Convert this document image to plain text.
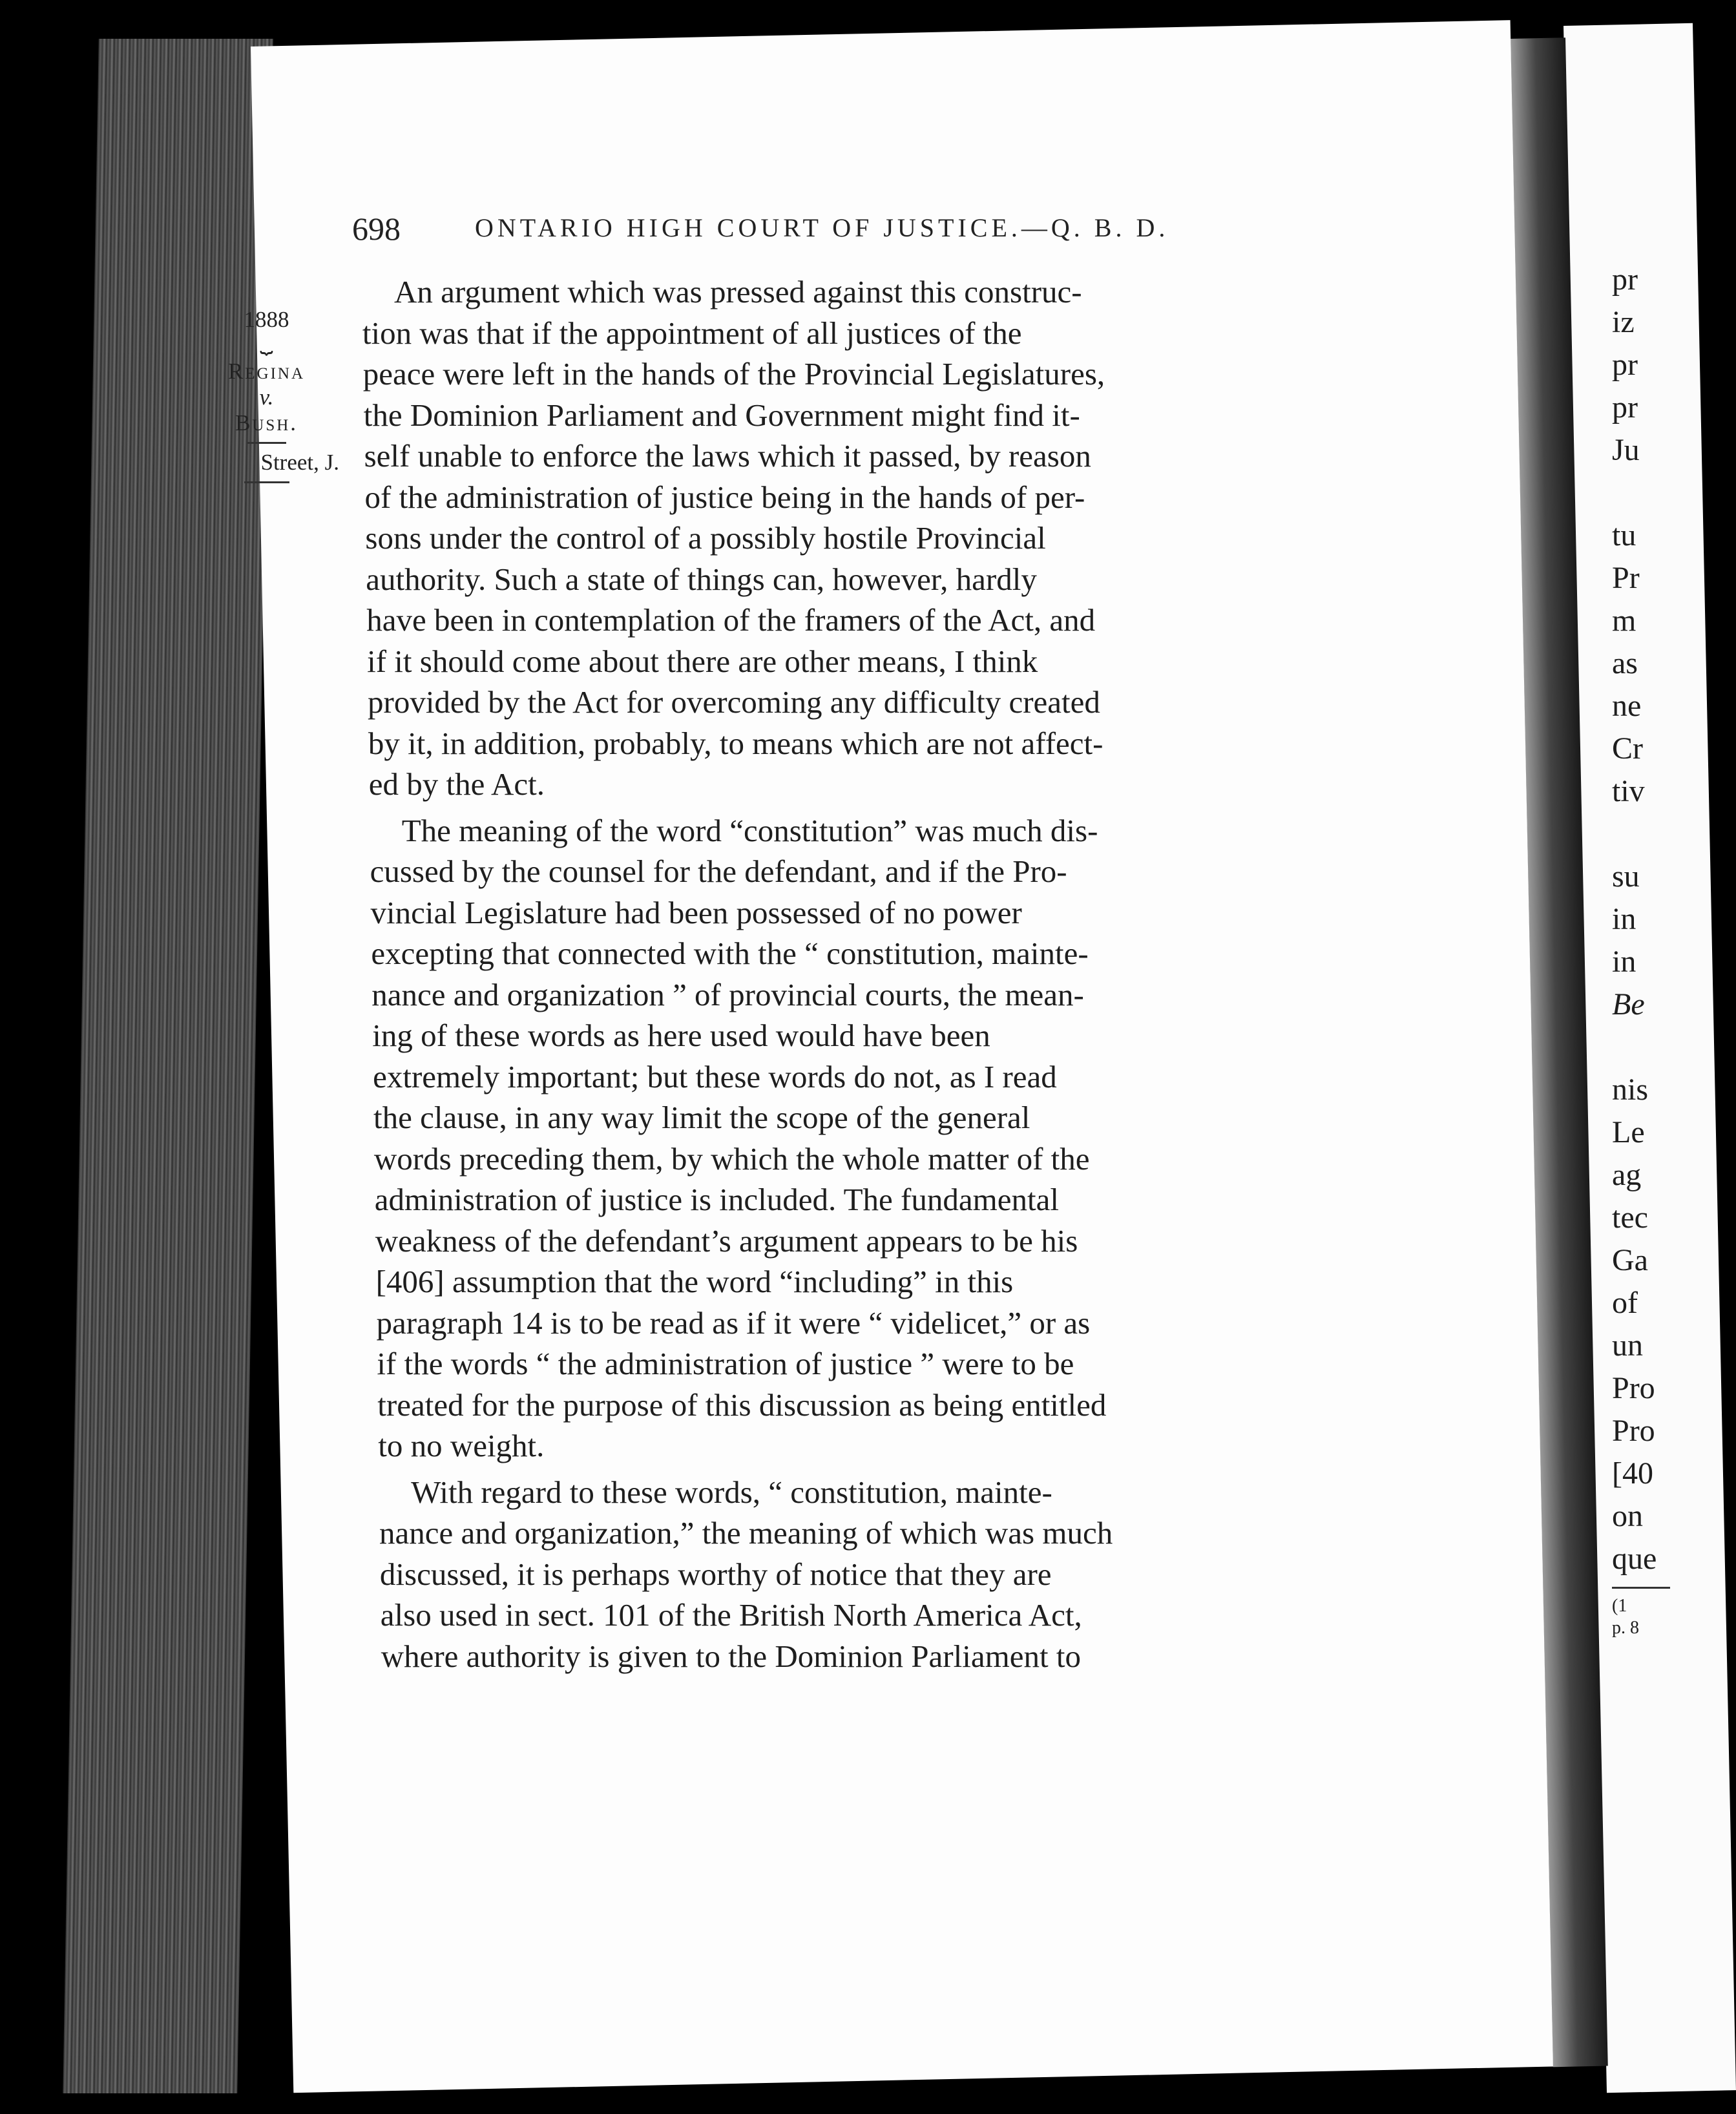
698	ONTARIO HIGH COURT OF JUSTICE.—Q. B. D.
1888
⏟
Regina
v.
Bush.
Street, J.
An argument which was pressed against this construc-
tion was that if the appointment of all justices of the
peace were left in the hands of the Provincial Legislatures,
the Dominion Parliament and Government might find it-
self unable to enforce the laws which it passed, by reason
of the administration of justice being in the hands of per-
sons under the control of a possibly hostile Provincial
authority. Such a state of things can, however, hardly
have been in contemplation of the framers of the Act, and
if it should come about there are other means, I think
provided by the Act for overcoming any difficulty created
by it, in addition, probably, to means which are not affect-
ed by the Act.
The meaning of the word “constitution” was much dis-
cussed by the counsel for the defendant, and if the Pro-
vincial Legislature had been possessed of no power
excepting that connected with the “ constitution, mainte-
nance and organization ” of provincial courts, the mean-
ing of these words as here used would have been
extremely important; but these words do not, as I read
the clause, in any way limit the scope of the general
words preceding them, by which the whole matter of the
administration of justice is included. The fundamental
weakness of the defendant’s argument appears to be his
[406] assumption that the word “including” in this
paragraph 14 is to be read as if it were “ videlicet,” or as
if the words “ the administration of justice ” were to be
treated for the purpose of this discussion as being entitled
to no weight.
With regard to these words, “ constitution, mainte-
nance and organization,” the meaning of which was much
discussed, it is perhaps worthy of notice that they are
also used in sect. 101 of the British North America Act,
where authority is given to the Dominion Parliament to
pr
iz
pr
pr
Ju
tu
Pr
m
as
ne
Cr
tiv
su
in
in
Be
nis
Le
ag
tec
Ga
of
un
Pro
Pro
[40
on
que
(1
p. 8
